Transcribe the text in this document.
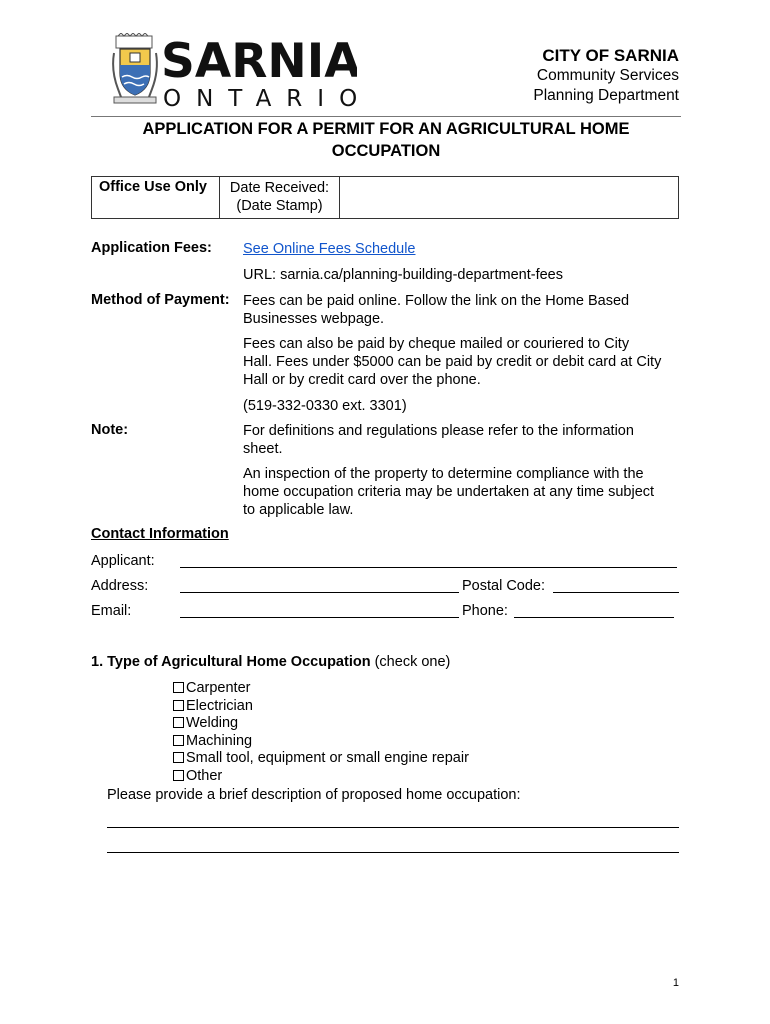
SARNIA
ONTARIO
CITY OF SARNIA
Community Services
Planning Department
APPLICATION FOR A PERMIT FOR AN AGRICULTURAL HOME
OCCUPATION
Office Use Only	Date Received:
(Date Stamp)
Application Fees: See Online Fees Schedule
URL: sarnia.ca/planning-building-department-fees
Method of Payment: Fees can be paid online. Follow the link on the Home Based
Businesses webpage.
Fees can also be paid by cheque mailed or couriered to City
Hall. Fees under $5000 can be paid by credit or debit card at City
Hall or by credit card over the phone.
(519-332-0330 ext. 3301)
Note:	For definitions and regulations please refer to the information
sheet.
An inspection of the property to determine compliance with the
home occupation criteria may be undertaken at any time subject
to applicable law.
Contact Information
Applicant:
Address:	Postal Code:
Email:	Phone:
1. Type of Agricultural Home Occupation (check one)
Carpenter
Electrician
Welding
Machining
Small tool, equipment or small engine repair
Other
Please provide a brief description of proposed home occupation:
1
